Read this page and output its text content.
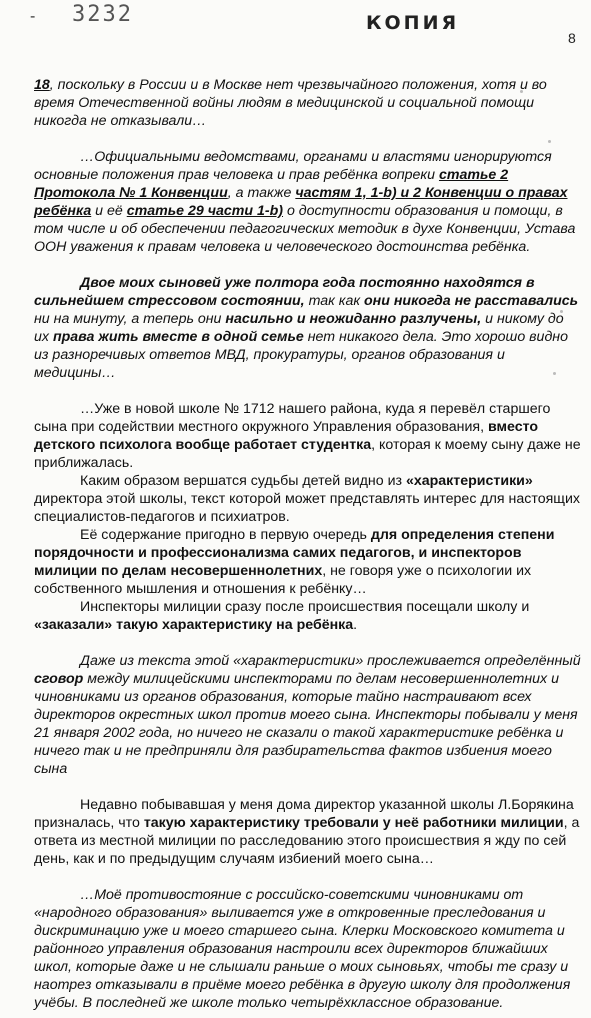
- 3232	КОПИЯ
8

18, поскольку в России и в Москве нет чрезвычайного положения, хотя и во время Отечественной войны людям в медицинской и социальной помощи никогда не отказывали…

…Официальными ведомствами, органами и властями игнорируются основные положения прав человека и прав ребёнка вопреки статье 2 Протокола № 1 Конвенции, а также частям 1, 1-b) и 2 Конвенции о правах ребёнка и её статье 29 части 1-b) о доступности образования и помощи, в том числе и об обеспечении педагогических методик в духе Конвенции, Устава ООН уважения к правам человека и человеческого достоинства ребёнка.

Двое моих сыновей уже полтора года постоянно находятся в сильнейшем стрессовом состоянии, так как они никогда не расставались ни на минуту, а теперь они насильно и неожиданно разлучены, и никому до их права жить вместе в одной семье нет никакого дела. Это хорошо видно из разноречивых ответов МВД, прокуратуры, органов образования и медицины…

…Уже в новой школе № 1712 нашего района, куда я перевёл старшего сына при содействии местного окружного Управления образования, вместо детского психолога вообще работает студентка, которая к моему сыну даже не приближалась.

Каким образом вершатся судьбы детей видно из «характеристики» директора этой школы, текст которой может представлять интерес для настоящих специалистов-педагогов и психиатров.

Её содержание пригодно в первую очередь для определения степени порядочности и профессионализма самих педагогов, и инспекторов милиции по делам несовершеннолетних, не говоря уже о психологии их собственного мышления и отношения к ребёнку…

Инспекторы милиции сразу после происшествия посещали школу и «заказали» такую характеристику на ребёнка.

Даже из текста этой «характеристики» прослеживается определённый сговор между милицейскими инспекторами по делам несовершеннолетних и чиновниками из органов образования, которые тайно настраивают всех директоров окрестных школ против моего сына. Инспекторы побывали у меня 21 января 2002 года, но ничего не сказали о такой характеристике ребёнка и ничего так и не предприняли для разбирательства фактов избиения моего сына

Недавно побывавшая у меня дома директор указанной школы Л.Борякина призналась, что такую характеристику требовали у неё работники милиции, а ответа из местной милиции по расследованию этого происшествия я жду по сей день, как и по предыдущим случаям избиений моего сына…

…Моё противостояние с российско-советскими чиновниками от «народного образования» выливается уже в откровенные преследования и дискриминацию уже и моего старшего сына. Клерки Московского комитета и районного управления образования настроили всех директоров ближайших школ, которые даже и не слышали раньше о моих сыновьях, чтобы те сразу и наотрез отказывали в приёме моего ребёнка в другую школу для продолжения учёбы. В последней же школе только четырёхклассное образование.
